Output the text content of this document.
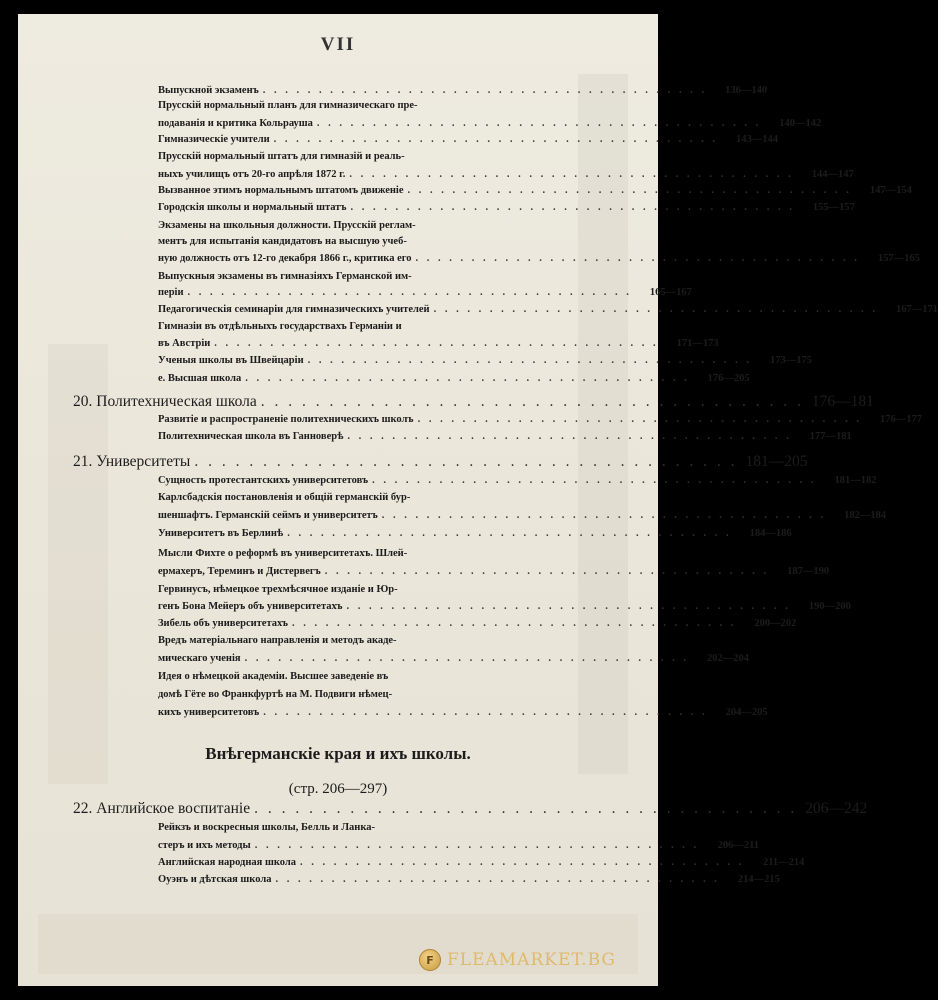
VII
Выпускной экзаменъ . . . . . . . . . . . . . . . . . . . . . . . . . . . . . . . . . . . . . . . .	136—140
Прусскій нормальный планъ для гимназическаго пре-
подаванія и критика Кольрауша . . . . . . . . . . . . . . . . . . . . . . . . . . . . . . . . . . . . . . . .	140—142
Гимназическіе учители . . . . . . . . . . . . . . . . . . . . . . . . . . . . . . . . . . . . . . . .	143—144
Прусскій нормальный штатъ для гимназій и реаль-
ныхъ училищъ отъ 20-го апрѣля 1872 г. . . . . . . . . . . . . . . . . . . . . . . . . . . . . . . . . . . . . . . . .	144—147
Вызванное этимъ нормальнымъ штатомъ движеніе . . . . . . . . . . . . . . . . . . . . . . . . . . . . . . . . . . . . . . . .	147—154
Городскія школы и нормальный штатъ . . . . . . . . . . . . . . . . . . . . . . . . . . . . . . . . . . . . . . . .	155—157
Экзамены на школьныя должности. Прусскій реглам-
ментъ для испытанія кандидатовъ на высшую учеб-
ную должность отъ 12-го декабря 1866 г., критика его . . . . . . . . . . . . . . . . . . . . . . . . . . . . . . . . . . . . . . . .	157—165
Выпускныя экзамены въ гимназіяхъ Германской им-
періи . . . . . . . . . . . . . . . . . . . . . . . . . . . . . . . . . . . . . . . .	165—167
Педагогическія семинаріи для гимназическихъ учителей . . . . . . . . . . . . . . . . . . . . . . . . . . . . . . . . . . . . . . . .	167—171
Гимназіи въ отдѣльныхъ государствахъ Германіи и
въ Австріи . . . . . . . . . . . . . . . . . . . . . . . . . . . . . . . . . . . . . . . .	171—173
Ученыя школы въ Швейцаріи . . . . . . . . . . . . . . . . . . . . . . . . . . . . . . . . . . . . . . . .	173—175
е. Высшая школа . . . . . . . . . . . . . . . . . . . . . . . . . . . . . . . . . . . . . . . .	176—205
20. Политехническая школа . . . . . . . . . . . . . . . . . . . . . . . . . . . . . . . . . . . . . . . . 176—181
Развитіе и распространеніе политехническихъ школъ . . . . . . . . . . . . . . . . . . . . . . . . . . . . . . . . . . . . . . . .	176—177
Политехническая школа въ Ганноверѣ . . . . . . . . . . . . . . . . . . . . . . . . . . . . . . . . . . . . . . . .	177—181
21. Университеты . . . . . . . . . . . . . . . . . . . . . . . . . . . . . . . . . . . . . . . . 181—205
Сущность протестантскихъ университетовъ . . . . . . . . . . . . . . . . . . . . . . . . . . . . . . . . . . . . . . . .	181—182
Карлсбадскія постановленія и общій германскій бур-
шеншафтъ. Германскій сеймъ и университетъ . . . . . . . . . . . . . . . . . . . . . . . . . . . . . . . . . . . . . . . .	182—184
Университетъ въ Берлинѣ . . . . . . . . . . . . . . . . . . . . . . . . . . . . . . . . . . . . . . . .	184—186
Мысли Фихте о реформѣ въ университетахъ. Шлей-
ермахеръ, Тереминъ и Дистервегъ . . . . . . . . . . . . . . . . . . . . . . . . . . . . . . . . . . . . . . . .	187—190
Гервинусъ, нѣмецкое трехмѣсячное изданіе и Юр-
генъ Бона Мейеръ объ университетахъ . . . . . . . . . . . . . . . . . . . . . . . . . . . . . . . . . . . . . . . .	190—200
Зибель объ университетахъ . . . . . . . . . . . . . . . . . . . . . . . . . . . . . . . . . . . . . . . .	200—202
Вредъ матеріальнаго направленія и методъ акаде-
мическаго ученія . . . . . . . . . . . . . . . . . . . . . . . . . . . . . . . . . . . . . . . .	202—204
Идея о нѣмецкой академіи. Высшее заведеніе въ
домѣ Гёте во Франкфуртѣ на М. Подвиги нѣмец-
кихъ университетовъ . . . . . . . . . . . . . . . . . . . . . . . . . . . . . . . . . . . . . . . .	204—205
Внѣгерманскіе края и ихъ школы.
(стр. 206—297)
22. Английское воспитаніе . . . . . . . . . . . . . . . . . . . . . . . . . . . . . . . . . . . . . . . . 206—242
Рейкзъ и воскресныя школы, Белль и Ланка-
стеръ и ихъ методы . . . . . . . . . . . . . . . . . . . . . . . . . . . . . . . . . . . . . . . .	206—211
Английская народная школа . . . . . . . . . . . . . . . . . . . . . . . . . . . . . . . . . . . . . . . .	211—214
Оуэнъ и дѣтская школа . . . . . . . . . . . . . . . . . . . . . . . . . . . . . . . . . . . . . . . .	214—215
F FLEAMARKET.BG
